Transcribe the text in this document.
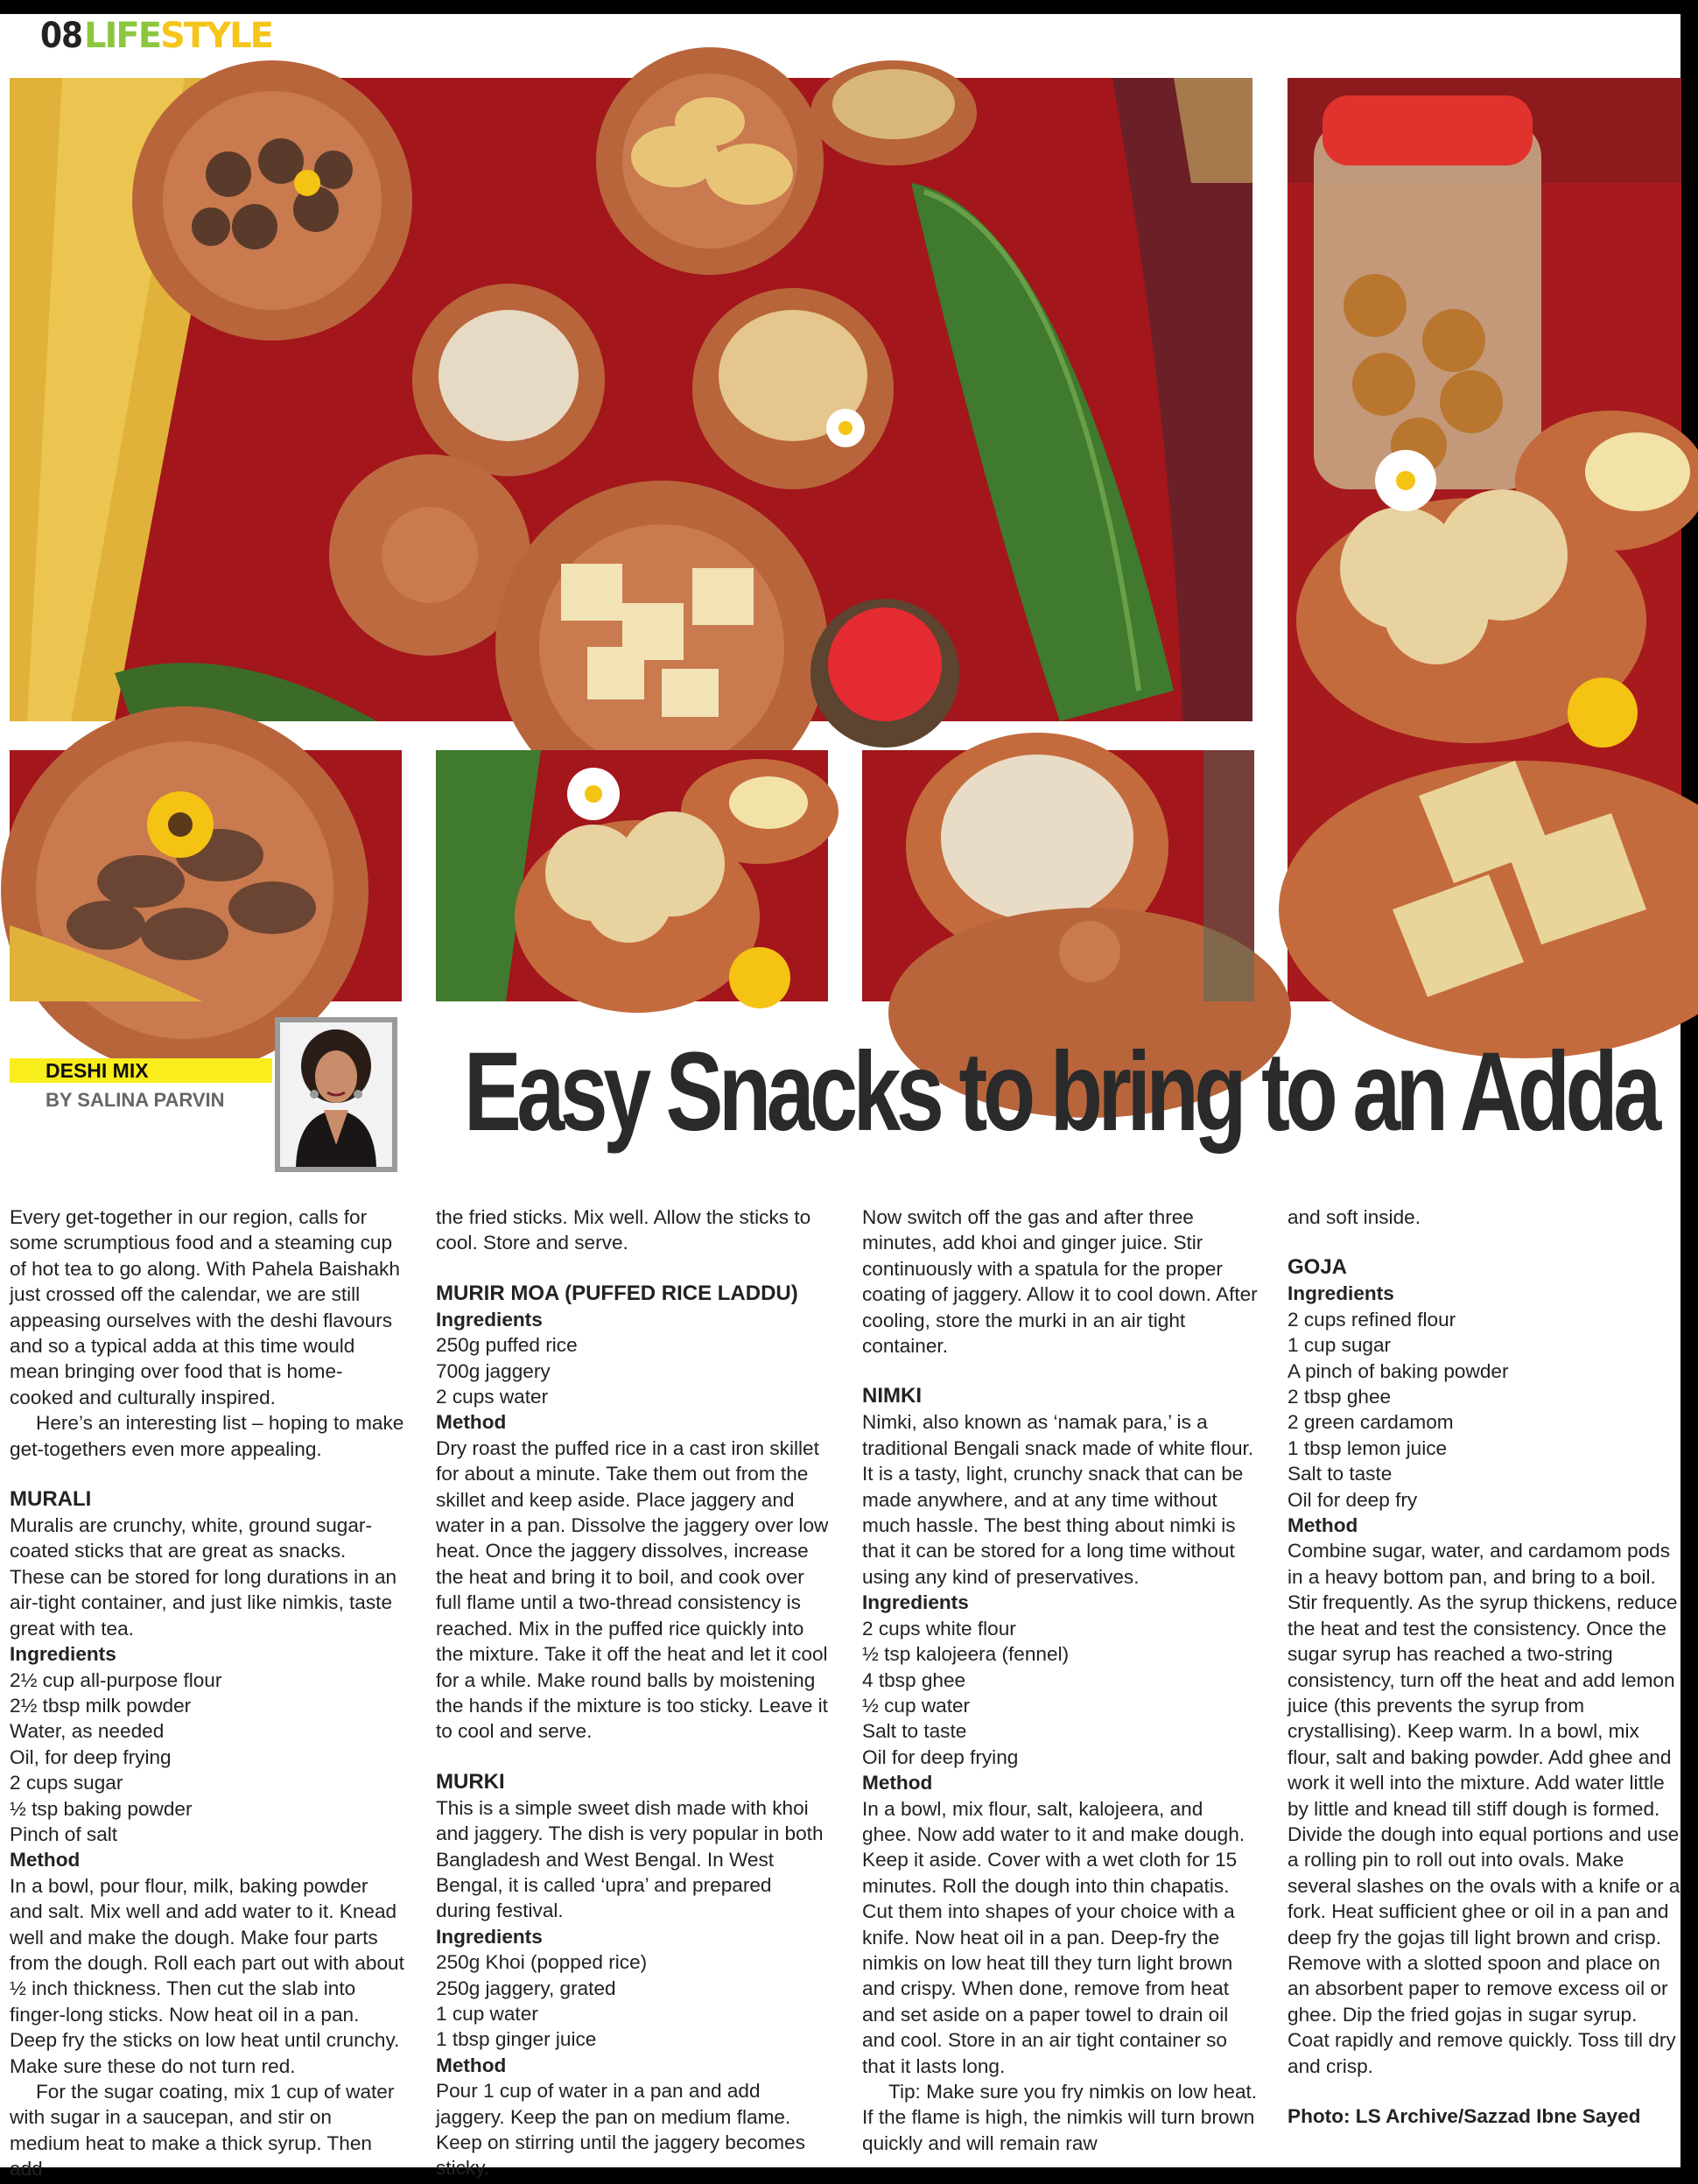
08 LIFESTYLE
DESHI MIX
BY SALINA PARVIN Easy Snacks to bring to an Adda

Every get-together in our region, calls for some scrumptious food and a steaming cup of hot tea to go along. With Pahela Baishakh just crossed off the calendar, we are still appeasing ourselves with the deshi flavours and so a typical adda at this time would mean bringing over food that is home-cooked and culturally inspired.

Here’s an interesting list – hoping to make get-togethers even more appealing.

MURALI

Muralis are crunchy, white, ground sugar-coated sticks that are great as snacks. These can be stored for long durations in an air-tight container, and just like nimkis, taste great with tea.

Ingredients

2½ cup all-purpose flour

2½ tbsp milk powder

Water, as needed

Oil, for deep frying

2 cups sugar

½ tsp baking powder

Pinch of salt

Method

In a bowl, pour flour, milk, baking powder and salt. Mix well and add water to it. Knead well and make the dough. Make four parts from the dough. Roll each part out with about ½ inch thickness. Then cut the slab into finger-long sticks. Now heat oil in a pan. Deep fry the sticks on low heat until crunchy. Make sure these do not turn red.

For the sugar coating, mix 1 cup of water with sugar in a saucepan, and stir on medium heat to make a thick syrup. Then add

the fried sticks. Mix well. Allow the sticks to cool. Store and serve.

MURIR MOA (PUFFED RICE LADDU)

Ingredients

250g puffed rice

700g jaggery

2 cups water

Method

Dry roast the puffed rice in a cast iron skillet for about a minute. Take them out from the skillet and keep aside. Place jaggery and water in a pan. Dissolve the jaggery over low heat. Once the jaggery dissolves, increase the heat and bring it to boil, and cook over full flame until a two-thread consistency is reached. Mix in the puffed rice quickly into the mixture. Take it off the heat and let it cool for a while. Make round balls by moistening the hands if the mixture is too sticky. Leave it to cool and serve.

MURKI

This is a simple sweet dish made with khoi and jaggery. The dish is very popular in both Bangladesh and West Bengal. In West Bengal, it is called ‘upra’ and prepared during festival.

Ingredients

250g Khoi (popped rice)

250g jaggery, grated

1 cup water

1 tbsp ginger juice

Method

Pour 1 cup of water in a pan and add jaggery. Keep the pan on medium flame. Keep on stirring until the jaggery becomes sticky.

Now switch off the gas and after three minutes, add khoi and ginger juice. Stir continuously with a spatula for the proper coating of jaggery. Allow it to cool down. After cooling, store the murki in an air tight container.

NIMKI

Nimki, also known as ‘namak para,’ is a traditional Bengali snack made of white flour. It is a tasty, light, crunchy snack that can be made anywhere, and at any time without much hassle. The best thing about nimki is that it can be stored for a long time without using any kind of preservatives.

Ingredients

2 cups white flour

½ tsp kalojeera (fennel)

4 tbsp ghee

½ cup water

Salt to taste

Oil for deep frying

Method

In a bowl, mix flour, salt, kalojeera, and ghee. Now add water to it and make dough. Keep it aside. Cover with a wet cloth for 15 minutes. Roll the dough into thin chapatis. Cut them into shapes of your choice with a knife. Now heat oil in a pan. Deep-fry the nimkis on low heat till they turn light brown and crispy. When done, remove from heat and set aside on a paper towel to drain oil and cool. Store in an air tight container so that it lasts long.

Tip: Make sure you fry nimkis on low heat. If the flame is high, the nimkis will turn brown quickly and will remain raw

and soft inside.

GOJA

Ingredients

2 cups refined flour

1 cup sugar

A pinch of baking powder

2 tbsp ghee

2 green cardamom

1 tbsp lemon juice

Salt to taste

Oil for deep fry

Method

Combine sugar, water, and cardamom pods in a heavy bottom pan, and bring to a boil. Stir frequently. As the syrup thickens, reduce the heat and test the consistency. Once the sugar syrup has reached a two-string consistency, turn off the heat and add lemon juice (this prevents the syrup from crystallising). Keep warm. In a bowl, mix flour, salt and baking powder. Add ghee and work it well into the mixture. Add water little by little and knead till stiff dough is formed. Divide the dough into equal portions and use a rolling pin to roll out into ovals. Make several slashes on the ovals with a knife or a fork. Heat sufficient ghee or oil in a pan and deep fry the gojas till light brown and crisp. Remove with a slotted spoon and place on an absorbent paper to remove excess oil or ghee. Dip the fried gojas in sugar syrup. Coat rapidly and remove quickly. Toss till dry and crisp.

Photo: LS Archive/Sazzad Ibne Sayed
